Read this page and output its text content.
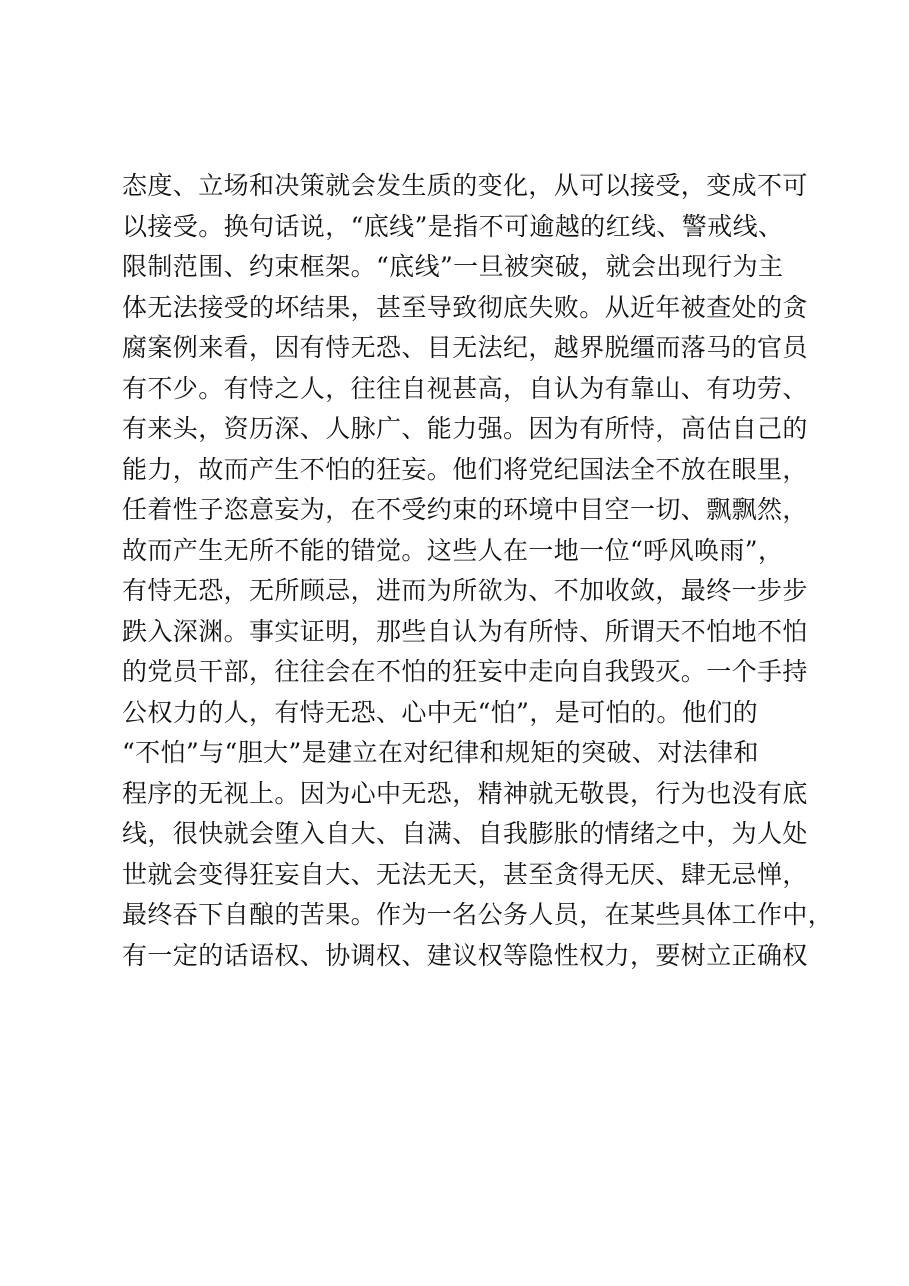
态度、立场和决策就会发生质的变化，从可以接受，变成不可
以接受。换句话说，“底线”是指不可逾越的红线、警戒线、
限制范围、约束框架。“底线”一旦被突破，就会出现行为主
体无法接受的坏结果，甚至导致彻底失败。从近年被查处的贪
腐案例来看，因有恃无恐、目无法纪，越界脱缰而落马的官员
有不少。有恃之人，往往自视甚高，自认为有靠山、有功劳、
有来头，资历深、人脉广、能力强。因为有所恃，高估自己的
能力，故而产生不怕的狂妄。他们将党纪国法全不放在眼里，
任着性子恣意妄为，在不受约束的环境中目空一切、飘飘然，
故而产生无所不能的错觉。这些人在一地一位“呼风唤雨”，
有恃无恐，无所顾忌，进而为所欲为、不加收敛，最终一步步
跌入深渊。事实证明，那些自认为有所恃、所谓天不怕地不怕
的党员干部，往往会在不怕的狂妄中走向自我毁灭。一个手持
公权力的人，有恃无恐、心中无“怕”，是可怕的。他们的
“不怕”与“胆大”是建立在对纪律和规矩的突破、对法律和
程序的无视上。因为心中无恐，精神就无敬畏，行为也没有底
线，很快就会堕入自大、自满、自我膨胀的情绪之中，为人处
世就会变得狂妄自大、无法无天，甚至贪得无厌、肆无忌惮，
最终吞下自酿的苦果。作为一名公务人员，在某些具体工作中，
有一定的话语权、协调权、建议权等隐性权力，要树立正确权
